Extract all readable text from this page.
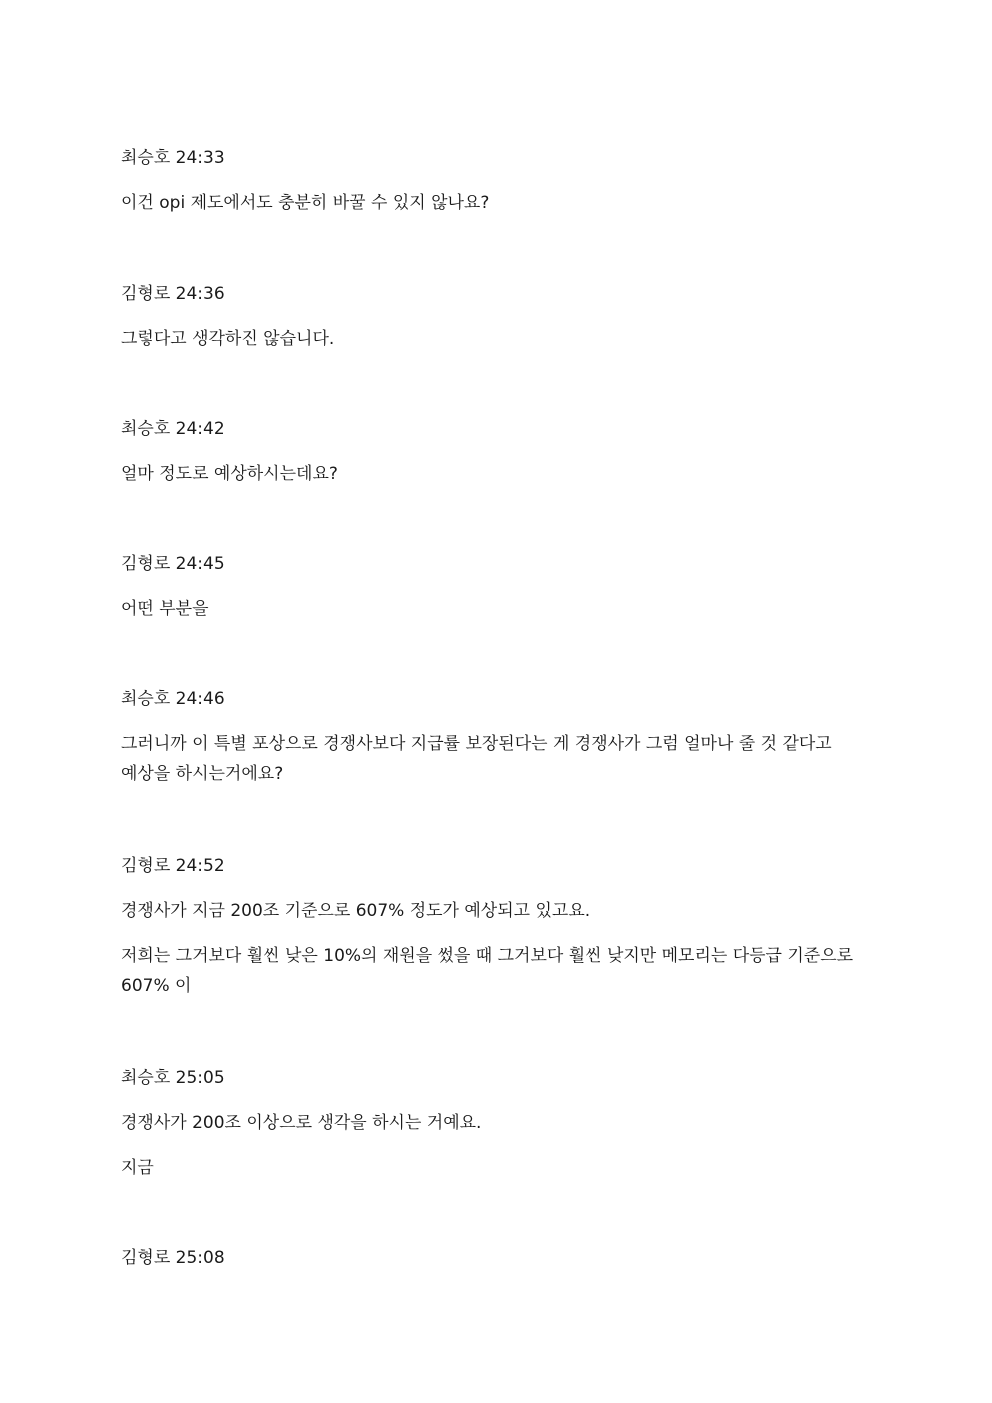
최승호 24:33
이건 opi 제도에서도 충분히 바꿀 수 있지 않나요?
김형로 24:36
그렇다고 생각하진 않습니다.
최승호 24:42
얼마 정도로 예상하시는데요?
김형로 24:45
어떤 부분을
최승호 24:46
그러니까 이 특별 포상으로 경쟁사보다 지급률 보장된다는 게 경쟁사가 그럼 얼마나 줄 것 같다고 예상을 하시는거에요?
김형로 24:52
경쟁사가 지금 200조 기준으로 607% 정도가 예상되고 있고요.
저희는 그거보다 훨씬 낮은 10%의 재원을 썼을 때 그거보다 훨씬 낮지만 메모리는 다등급 기준으로 607% 이
최승호 25:05
경쟁사가 200조 이상으로 생각을 하시는 거예요.
지금
김형로 25:08
